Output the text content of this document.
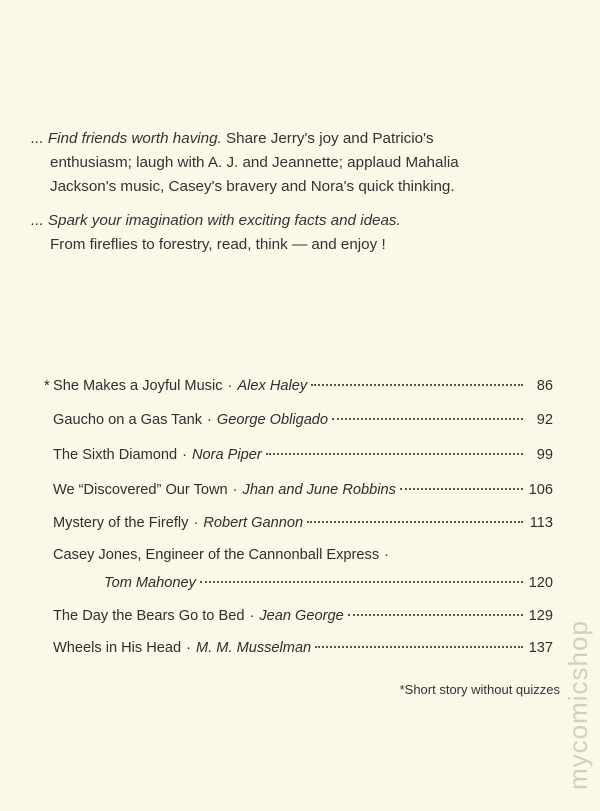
... Find friends worth having. Share Jerry's joy and Patricio's
enthusiasm; laugh with A. J. and Jeannette; applaud Mahalia
Jackson's music, Casey's bravery and Nora's quick thinking.
... Spark your imagination with exciting facts and ideas.
From fireflies to forestry, read, think — and enjoy !
* She Makes a Joyful Music · Alex Haley	86
Gaucho on a Gas Tank · George Obligado	92
The Sixth Diamond · Nora Piper	99
We “Discovered” Our Town · Jhan and June Robbins	106
Mystery of the Firefly · Robert Gannon	113
Casey Jones, Engineer of the Cannonball Express ·
Tom Mahoney	120
The Day the Bears Go to Bed · Jean George	129
Wheels in His Head · M. M. Musselman	137
*Short story without quizzes mycomicshop
